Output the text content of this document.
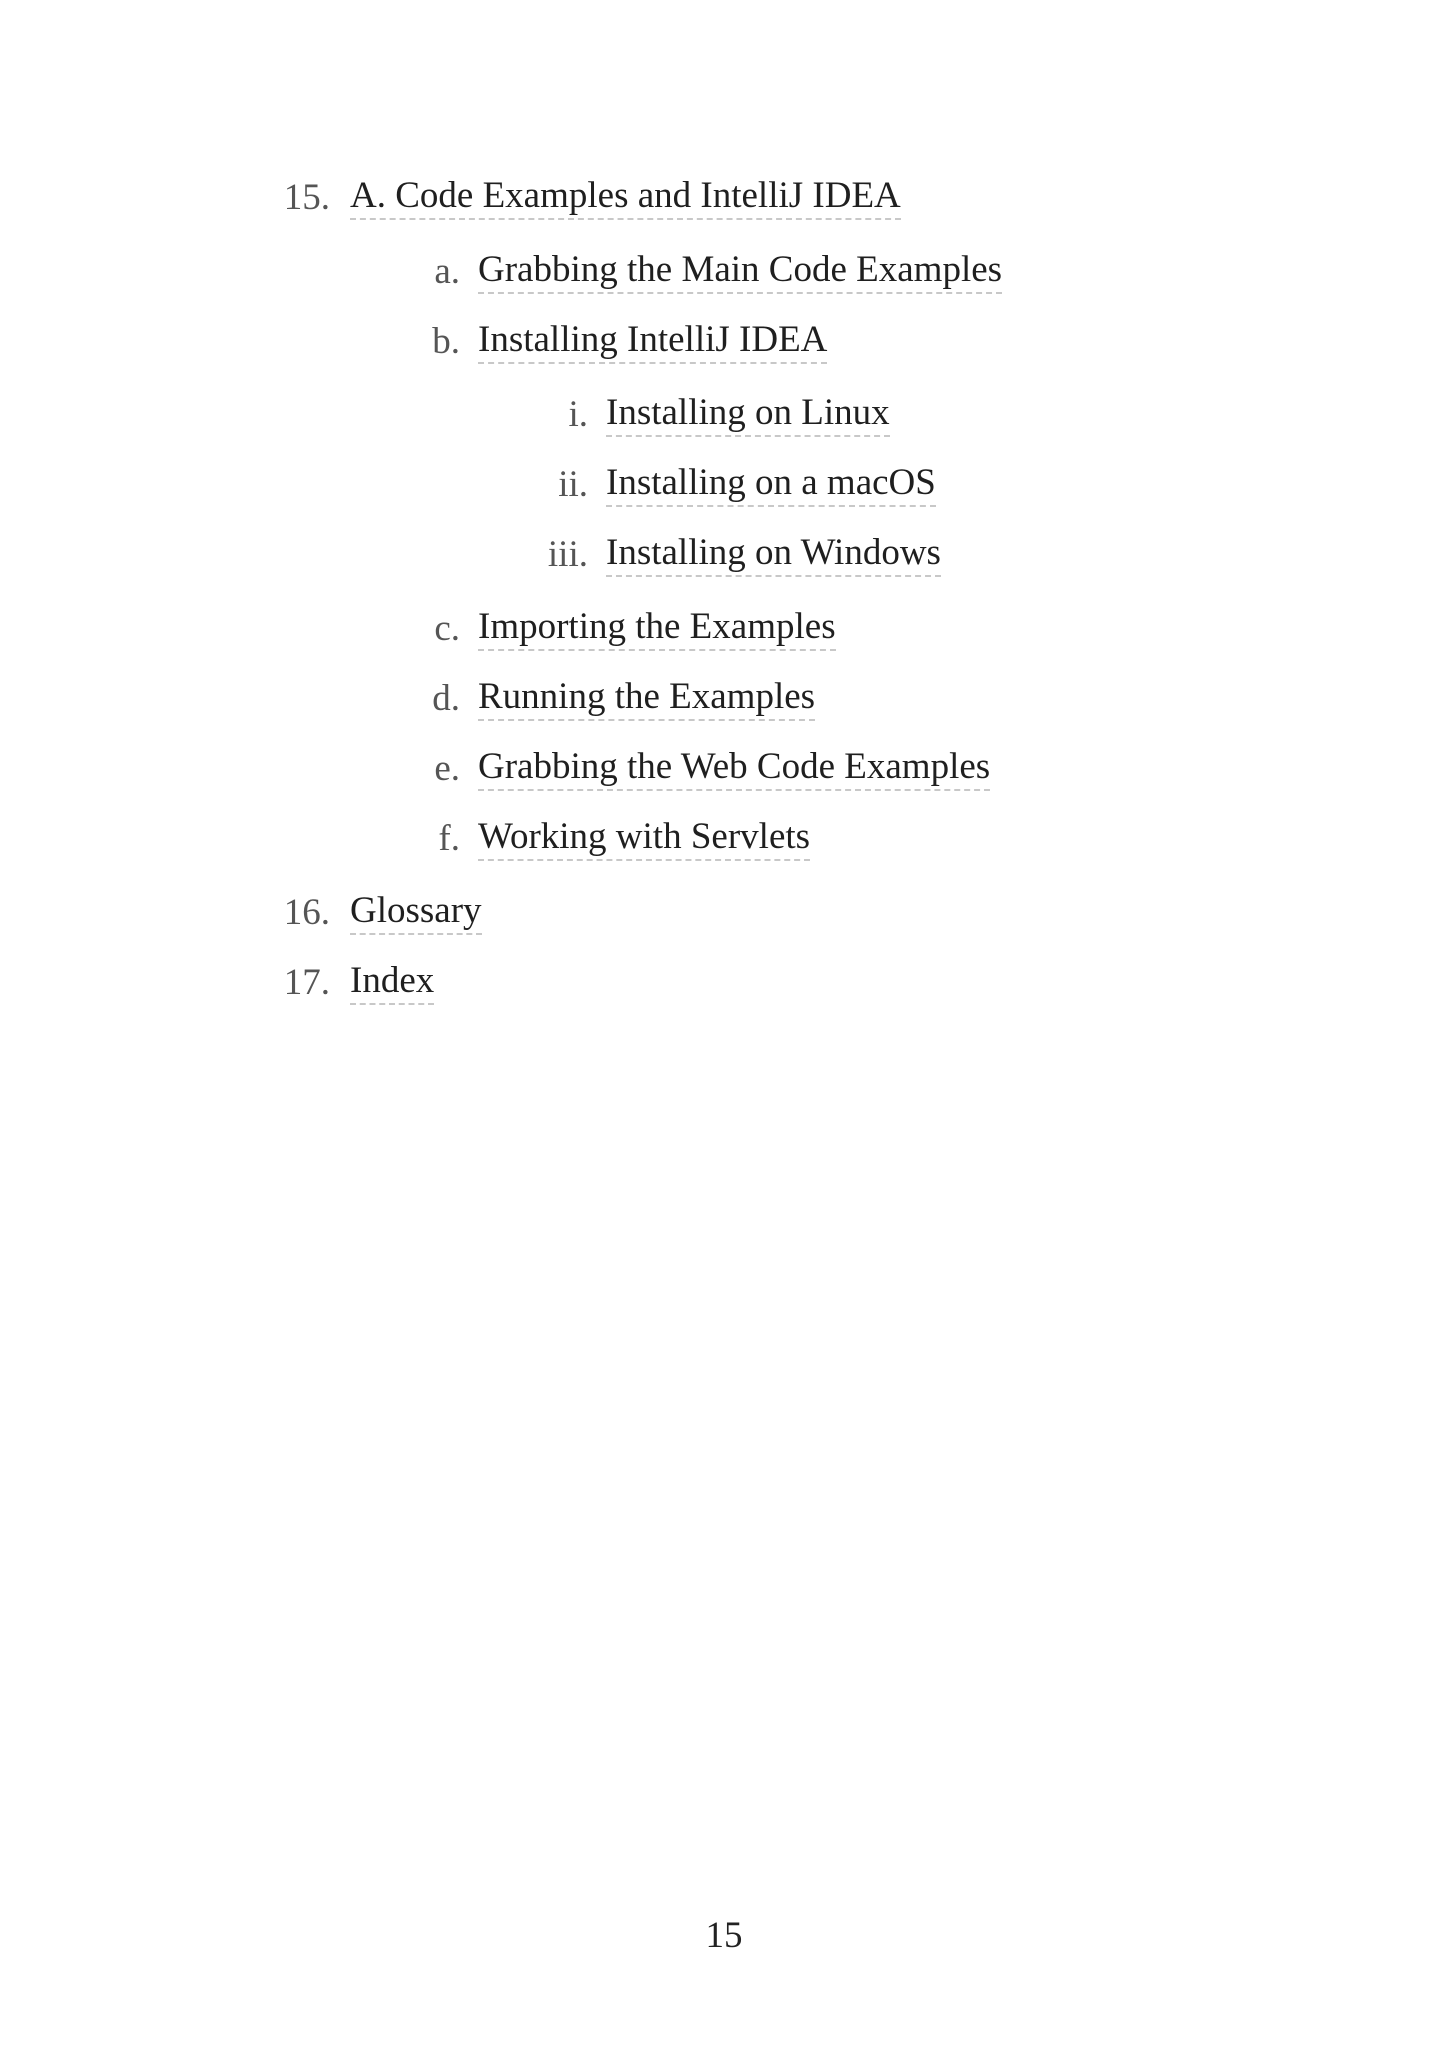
15. A. Code Examples and IntelliJ IDEA
a. Grabbing the Main Code Examples
b. Installing IntelliJ IDEA
i. Installing on Linux
ii. Installing on a macOS
iii. Installing on Windows
c. Importing the Examples
d. Running the Examples
e. Grabbing the Web Code Examples
f. Working with Servlets
16. Glossary
17. Index
15
